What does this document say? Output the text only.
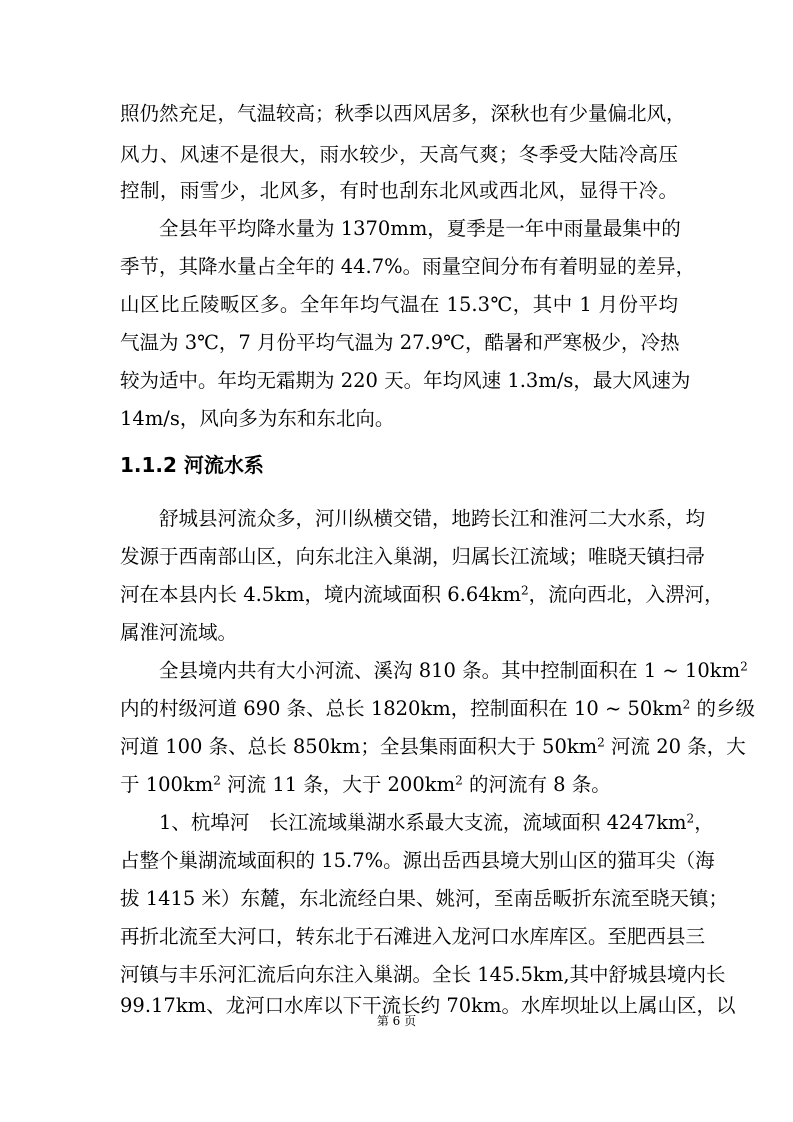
照仍然充足，气温较高；秋季以西风居多，深秋也有少量偏北风，
风力、风速不是很大，雨水较少，天高气爽；冬季受大陆冷高压
控制，雨雪少，北风多，有时也刮东北风或西北风，显得干冷。
　　全县年平均降水量为 1370mm，夏季是一年中雨量最集中的
季节，其降水量占全年的 44.7%。雨量空间分布有着明显的差异，
山区比丘陵畈区多。全年年均气温在 15.3℃，其中 1 月份平均
气温为 3℃，7 月份平均气温为 27.9℃，酷暑和严寒极少，冷热
较为适中。年均无霜期为 220 天。年均风速 1.3m/s，最大风速为
14m/s，风向多为东和东北向。
1.1.2 河流水系
　　舒城县河流众多，河川纵横交错，地跨长江和淮河二大水系，均
发源于西南部山区，向东北注入巢湖，归属长江流域；唯晓天镇扫帚
河在本县内长 4.5km，境内流域面积 $6.64km^2$，流向西北，入淠河，
属淮河流域。
　　全县境内共有大小河流、溪沟 810 条。其中控制面积在 1 ~ $10km^2$
内的村级河道 690 条、总长 1820km，控制面积在 10 ~ $50km^2$ 的乡级
河道 100 条、总长 850km；全县集雨面积大于 $50km^2$ 河流 20 条，大
于 $100km^2$ 河流 11 条，大于 $200km^2$ 的河流有 8 条。
　　1、杭埠河　长江流域巢湖水系最大支流，流域面积 $4247km^2$，
占整个巢湖流域面积的 15.7%。源出岳西县境大别山区的猫耳尖（海
拔 1415 米）东麓，东北流经白果、姚河，至南岳畈折东流至晓天镇；
再折北流至大河口，转东北于石滩进入龙河口水库库区。至肥西县三
河镇与丰乐河汇流后向东注入巢湖。全长 145.5km,其中舒城县境内长
99.17km、龙河口水库以下干流长约 70km。水库坝址以上属山区，以
第 6 页
